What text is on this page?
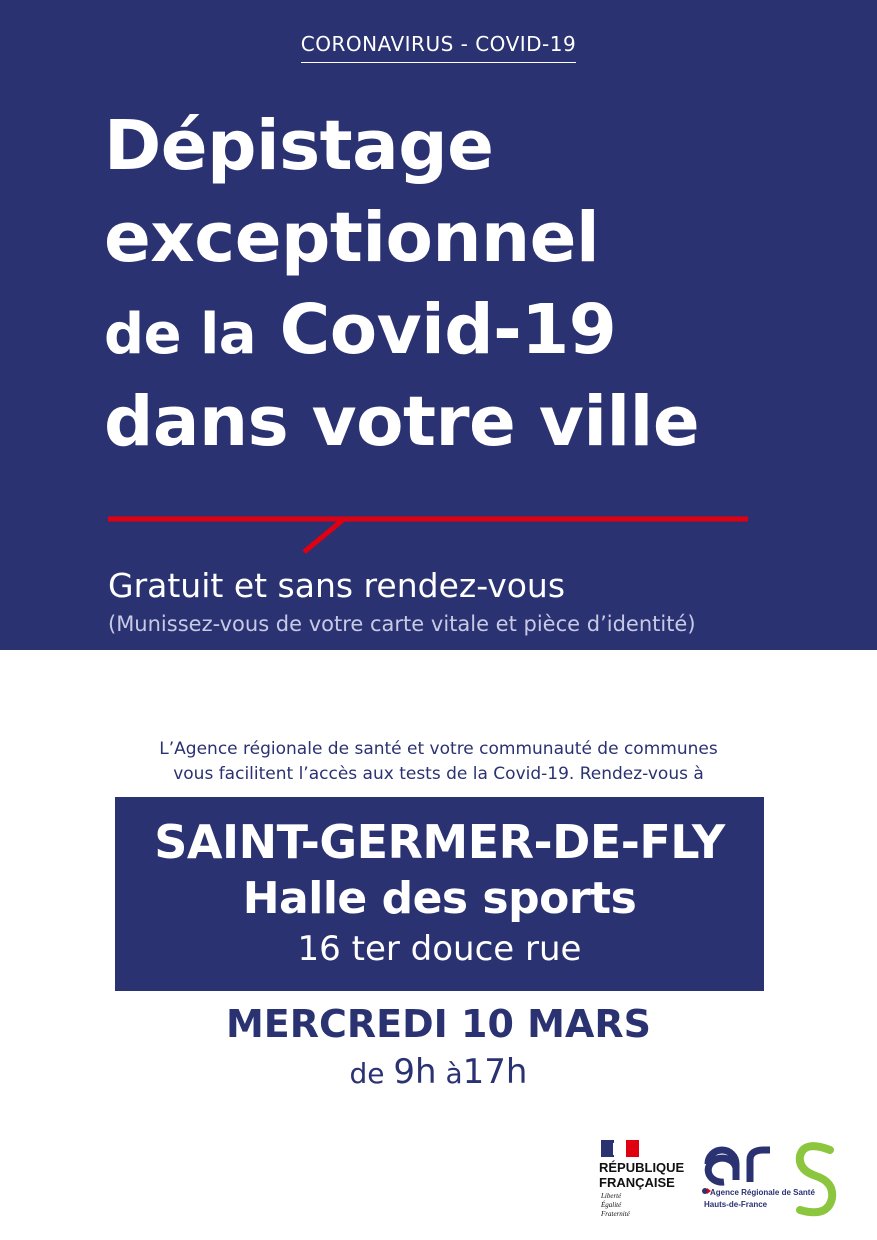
CORONAVIRUS - COVID-19
Dépistage
exceptionnel
de la Covid-19
dans votre ville
Gratuit et sans rendez-vous
(Munissez-vous de votre carte vitale et pièce d’identité)
L’Agence régionale de santé et votre communauté de communes
vous facilitent l’accès aux tests de la Covid-19. Rendez-vous à
SAINT-GERMER-DE-FLY
Halle des sports
16 ter douce rue
MERCREDI 10 MARS
de 9h à17h
RÉPUBLIQUE
FRANÇAISE
Liberté
Égalité
Fraternité
Agence Régionale de Santé
Hauts-de-France
